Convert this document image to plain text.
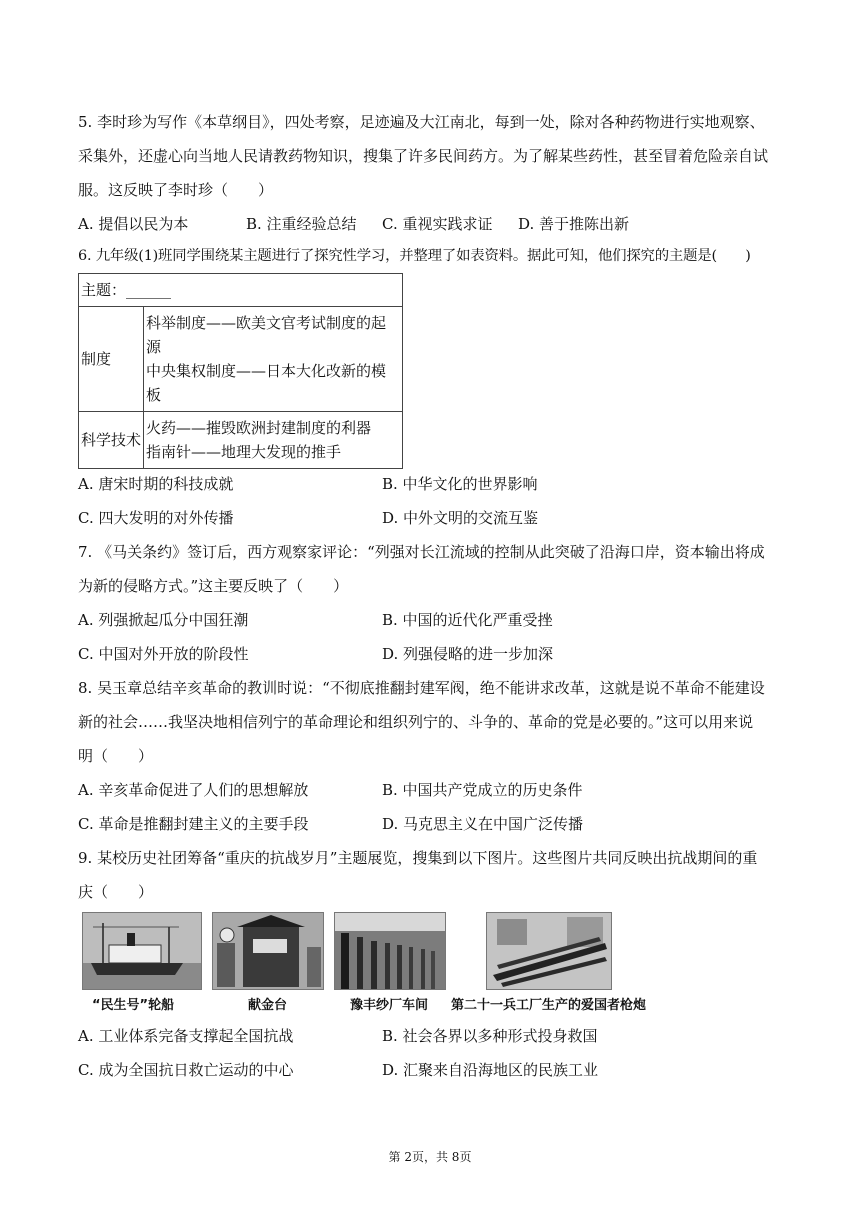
5. 李时珍为写作《本草纲目》，四处考察，足迹遍及大江南北，每到一处，除对各种药物进行实地观察、
采集外，还虚心向当地人民请教药物知识，搜集了许多民间药方。为了解某些药性，甚至冒着危险亲自试
服。这反映了李时珍（　　）
A. 提倡以民为本	B. 注重经验总结 C. 重视实践求证 D. 善于推陈出新
6. 九年级(1)班同学围绕某主题进行了探究性学习，并整理了如表资料。据此可知，他们探究的主题是(　　)
主题：______	
制度	科举制度——欧美文官考试制度的起源
中央集权制度——日本大化改新的模板

科学技术	火药——摧毁欧洲封建制度的利器
指南针——地理大发现的推手
A. 唐宋时期的科技成就	B. 中华文化的世界影响
C. 四大发明的对外传播	D. 中外文明的交流互鉴
7. 《马关条约》签订后，西方观察家评论：“列强对长江流域的控制从此突破了沿海口岸，资本输出将成
为新的侵略方式。”这主要反映了（　　）
A. 列强掀起瓜分中国狂潮	B. 中国的近代化严重受挫
C. 中国对外开放的阶段性	D. 列强侵略的进一步加深
8. 吴玉章总结辛亥革命的教训时说：“不彻底推翻封建军阀，绝不能讲求改革，这就是说不革命不能建设
新的社会……我坚决地相信列宁的革命理论和组织列宁的、斗争的、革命的党是必要的。”这可以用来说
明（　　）
A. 辛亥革命促进了人们的思想解放	B. 中国共产党成立的历史条件
C. 革命是推翻封建主义的主要手段	D. 马克思主义在中国广泛传播
9. 某校历史社团筹备“重庆的抗战岁月”主题展览，搜集到以下图片。这些图片共同反映出抗战期间的重
庆（　　）
“民生号”轮船	献金台	豫丰纱厂车间 第二十一兵工厂生产的爱国者枪炮
A. 工业体系完备支撑起全国抗战	B. 社会各界以多种形式投身救国
C. 成为全国抗日救亡运动的中心	D. 汇聚来自沿海地区的民族工业
第 2页，共 8页
